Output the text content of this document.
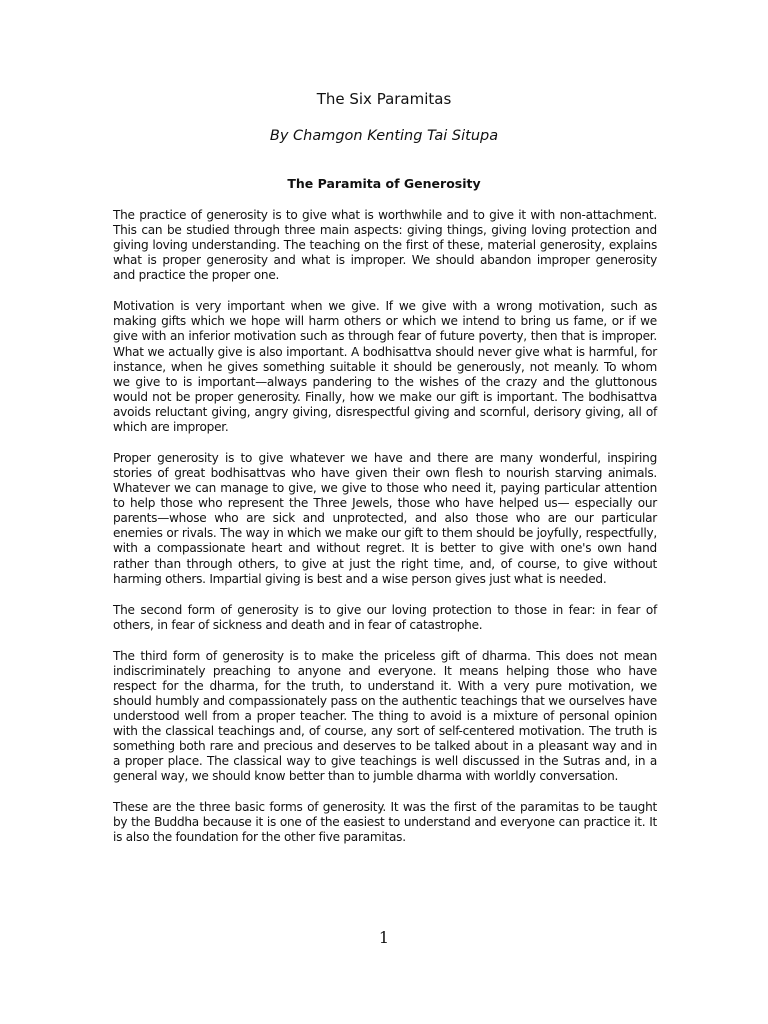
The Six Paramitas
By Chamgon Kenting Tai Situpa
The Paramita of Generosity

The practice of generosity is to give what is worthwhile and to give it with non-attachment. This can be studied through three main aspects: giving things, giving loving protection and giving loving understanding. The teaching on the first of these, material generosity, explains what is proper generosity and what is improper. We should abandon improper generosity and practice the proper one.

Motivation is very important when we give. If we give with a wrong motivation, such as making gifts which we hope will harm others or which we intend to bring us fame, or if we give with an inferior motivation such as through fear of future poverty, then that is improper. What we actually give is also important. A bodhisattva should never give what is harmful, for instance, when he gives something suitable it should be generously, not meanly. To whom we give to is important—always pandering to the wishes of the crazy and the gluttonous would not be proper generosity. Finally, how we make our gift is important. The bodhisattva avoids reluctant giving, angry giving, disrespectful giving and scornful, derisory giving, all of which are improper.

Proper generosity is to give whatever we have and there are many wonderful, inspiring stories of great bodhisattvas who have given their own flesh to nourish starving animals. Whatever we can manage to give, we give to those who need it, paying particular attention to help those who represent the Three Jewels, those who have helped us— especially our parents—whose who are sick and unprotected, and also those who are our particular enemies or rivals. The way in which we make our gift to them should be joyfully, respectfully, with a compassionate heart and without regret. It is better to give with one's own hand rather than through others, to give at just the right time, and, of course, to give without harming others. Impartial giving is best and a wise person gives just what is needed.

The second form of generosity is to give our loving protection to those in fear: in fear of others, in fear of sickness and death and in fear of catastrophe.

The third form of generosity is to make the priceless gift of dharma. This does not mean indiscriminately preaching to anyone and everyone. It means helping those who have respect for the dharma, for the truth, to understand it. With a very pure motivation, we should humbly and compassionately pass on the authentic teachings that we ourselves have understood well from a proper teacher. The thing to avoid is a mixture of personal opinion with the classical teachings and, of course, any sort of self-centered motivation. The truth is something both rare and precious and deserves to be talked about in a pleasant way and in a proper place. The classical way to give teachings is well discussed in the Sutras and, in a general way, we should know better than to jumble dharma with worldly conversation.

These are the three basic forms of generosity. It was the first of the paramitas to be taught by the Buddha because it is one of the easiest to understand and everyone can practice it. It is also the foundation for the other five paramitas.

1
